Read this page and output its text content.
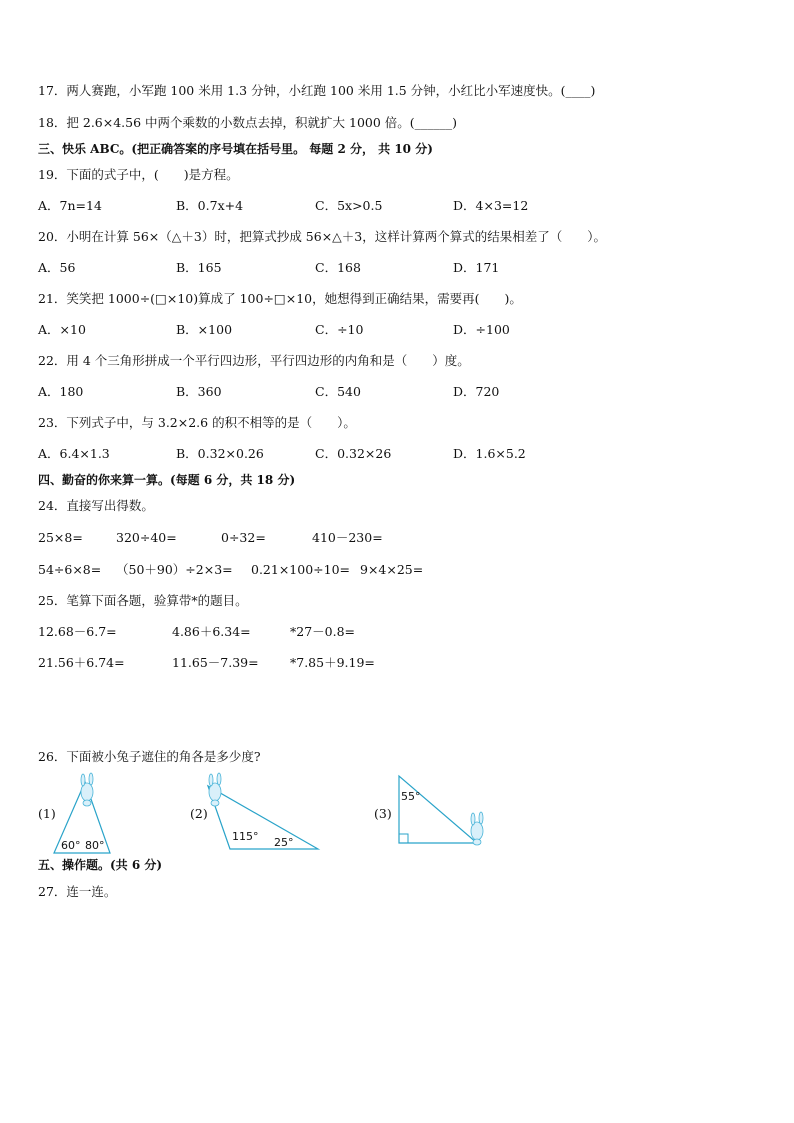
17．两人赛跑，小军跑 100 米用 1.3 分钟，小红跑 100 米用 1.5 分钟，小红比小军速度快。(____)
18．把 2.6×4.56 中两个乘数的小数点去掉，积就扩大 1000 倍。(______)
三、快乐 ABC。(把正确答案的序号填在括号里。 每题 2 分， 共 10 分)
19．下面的式子中，(　　)是方程。
A．7n=14	B．0.7x+4	C．5x>0.5	D．4×3=12
20．小明在计算 56×（△＋3）时，把算式抄成 56×△＋3，这样计算两个算式的结果相差了（　　）。
A．56	B．165	C．168	D．171
21．笑笑把 1000÷(□×10)算成了 100÷□×10，她想得到正确结果，需要再(　　)。
A．×10	B．×100	C．÷10	D．÷100
22．用 4 个三角形拼成一个平行四边形，平行四边形的内角和是（　　）度。
A．180	B．360	C．540	D．720
23．下列式子中，与 3.2×2.6 的积不相等的是（　　）。
A．6.4×1.3	B．0.32×0.26	C．0.32×26	D．1.6×5.2
四、勤奋的你来算一算。(每题 6 分，共 18 分)
24．直接写出得数。
25×8=	320÷40=	0÷32=	410－230=
54÷6×8= （50＋90）÷2×3= 0.21×100÷10= 9×4×25=
25．笔算下面各题，验算带*的题目。
12.68－6.7=	4.86＋6.34=	*27－0.8=
21.56＋6.74=	11.65－7.39=	*7.85＋9.19=
26．下面被小兔子遮住的角各是多少度?
(1)
60° 80°
(2)
115° 25°
(3)
55°
五、操作题。(共 6 分)
27．连一连。
